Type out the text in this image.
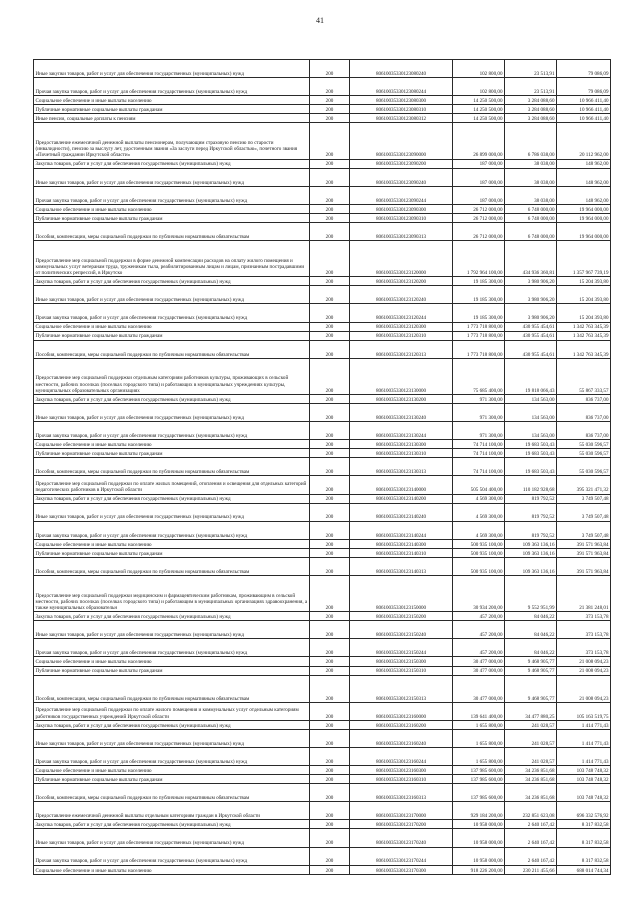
41
Иные закупки товаров, работ и услуг для обеспечения государственных (муниципальных) нужд	200	80610035330123080240	102 800,00	23 513,91	79 086,09
Прочая закупка товаров, работ и услуг для обеспечения государственных (муниципальных) нужд	200	80610035330123080244	102 800,00	23 513,91	79 086,09
Социальное обеспечение и иные выплаты населению	200	80610035330123080300	14 250 500,00	3 284 088,60	10 966 411,40
Публичные нормативные социальные выплаты гражданам	200	80610035330123080310	14 250 500,00	3 284 088,60	10 966 411,40
Иные пенсии, социальные доплаты к пенсиям	200	80610035330123080312	14 250 500,00	3 284 088,60	10 966 411,40
Предоставление ежемесячной денежной выплаты пенсионерам, получающим страховую пенсию по старости (инвалидности), пенсию за выслугу лет, удостоенным звания «За заслуги перед Иркутской областью», почетного звания «Почетный гражданин Иркутской области»	200	80610035330123090000	26 899 000,00	6 786 038,00	20 112 962,00
Закупка товаров, работ и услуг для обеспечения государственных (муниципальных) нужд	200	80610035330123090200	187 000,00	38 038,00	148 962,00
Иные закупки товаров, работ и услуг для обеспечения государственных (муниципальных) нужд	200	80610035330123090240	187 000,00	38 038,00	148 962,00
Прочая закупка товаров, работ и услуг для обеспечения государственных (муниципальных) нужд	200	80610035330123090244	187 000,00	38 038,00	148 962,00
Социальное обеспечение и иные выплаты населению	200	80610035330123090300	26 712 000,00	6 748 000,00	19 964 000,00
Публичные нормативные социальные выплаты гражданам	200	80610035330123090310	26 712 000,00	6 748 000,00	19 964 000,00
Пособия, компенсации, меры социальной поддержки по публичным нормативным обязательствам	200	80610035330123090313	26 712 000,00	6 748 000,00	19 964 000,00
Предоставление мер социальной поддержки в форме денежной компенсации расходов на оплату жилого помещения и коммунальных услуг ветеранам труда, труженикам тыла, реабилитированным лицам и лицам, признанным пострадавшими от политических репрессий, в Иркутско	200	80610035330123120000	1 792 964 100,00	434 936 360,81	1 357 967 739,19
Закупка товаров, работ и услуг для обеспечения государственных (муниципальных) нужд	200	80610035330123120200	19 185 300,00	3 980 906,20	15 204 393,80
Иные закупки товаров, работ и услуг для обеспечения государственных (муниципальных) нужд	200	80610035330123120240	19 185 300,00	3 980 906,20	15 204 393,80
Прочая закупка товаров, работ и услуг для обеспечения государственных (муниципальных) нужд	200	80610035330123120244	19 185 300,00	3 980 906,20	15 204 393,80
Социальное обеспечение и иные выплаты населению	200	80610035330123120300	1 773 718 800,00	430 955 454,61	1 342 763 345,39
Публичные нормативные социальные выплаты гражданам	200	80610035330123120310	1 773 718 800,00	430 955 454,61	1 342 763 345,39
Пособия, компенсации, меры социальной поддержки по публичным нормативным обязательствам	200	80610035330123120313	1 773 718 800,00	430 955 454,61	1 342 763 345,39
Предоставление мер социальной поддержки отдельным категориям работников культуры, проживающих в сельской местности, рабочих поселках (поселках городского типа) и работающих в муниципальных учреждениях культуры, муниципальных образовательных организациях	200	80610035330123130000	75 685 400,00	19 818 066,43	55 867 333,57
Закупка товаров, работ и услуг для обеспечения государственных (муниципальных) нужд	200	80610035330123130200	971 300,00	134 563,00	836 737,00
Иные закупки товаров, работ и услуг для обеспечения государственных (муниципальных) нужд	200	80610035330123130240	971 300,00	134 563,00	836 737,00
Прочая закупка товаров, работ и услуг для обеспечения государственных (муниципальных) нужд	200	80610035330123130244	971 300,00	134 563,00	836 737,00
Социальное обеспечение и иные выплаты населению	200	80610035330123130300	74 714 100,00	19 683 503,43	55 030 596,57
Публичные нормативные социальные выплаты гражданам	200	80610035330123130310	74 714 100,00	19 683 503,43	55 030 596,57
Пособия, компенсации, меры социальной поддержки по публичным нормативным обязательствам	200	80610035330123130313	74 714 100,00	19 683 503,43	55 030 596,57
Предоставление мер социальной поддержки по оплате жилых помещений, отопления и освещения для отдельных категорий педагогических работников в Иркутской области	200	80610035330123140000	505 504 400,00	110 182 928,68	395 321 471,32
Закупка товаров, работ и услуг для обеспечения государственных (муниципальных) нужд	200	80610035330123140200	4 569 300,00	819 792,52	3 749 507,48
Иные закупки товаров, работ и услуг для обеспечения государственных (муниципальных) нужд	200	80610035330123140240	4 569 300,00	819 792,52	3 749 507,48
Прочая закупка товаров, работ и услуг для обеспечения государственных (муниципальных) нужд	200	80610035330123140244	4 569 300,00	819 792,52	3 749 507,48
Социальное обеспечение и иные выплаты населению	200	80610035330123140300	500 935 100,00	109 363 136,16	391 571 963,84
Публичные нормативные социальные выплаты гражданам	200	80610035330123140310	500 935 100,00	109 363 136,16	391 571 963,84
Пособия, компенсации, меры социальной поддержки по публичным нормативным обязательствам	200	80610035330123140313	500 935 100,00	109 363 136,16	391 571 963,84
Предоставление мер социальной поддержки медицинским и фармацевтическим работникам, проживающим в сельской местности, рабочих поселках (поселках городского типа) и работающим в муниципальных организациях здравоохранения, а также муниципальных образовательн	200	80610035330123150000	30 934 200,00	9 552 951,99	21 381 248,01
Закупка товаров, работ и услуг для обеспечения государственных (муниципальных) нужд	200	80610035330123150200	457 200,00	84 046,22	373 153,78
Иные закупки товаров, работ и услуг для обеспечения государственных (муниципальных) нужд	200	80610035330123150240	457 200,00	84 046,22	373 153,78
Прочая закупка товаров, работ и услуг для обеспечения государственных (муниципальных) нужд	200	80610035330123150244	457 200,00	84 046,22	373 153,78
Социальное обеспечение и иные выплаты населению	200	80610035330123150300	30 477 000,00	9 468 905,77	21 008 094,23
Публичные нормативные социальные выплаты гражданам	200	80610035330123150310	30 477 000,00	9 468 905,77	21 008 094,23
Пособия, компенсации, меры социальной поддержки по публичным нормативным обязательствам	200	80610035330123150313	30 477 000,00	9 468 905,77	21 008 094,23
Предоставление мер социальной поддержки по оплате жилого помещения и коммунальных услуг отдельным категориям работников государственных учреждений Иркутской области	200	80610035330123160000	139 641 400,00	34 477 880,25	105 163 519,75
Закупка товаров, работ и услуг для обеспечения государственных (муниципальных) нужд	200	80610035330123160200	1 655 800,00	241 028,57	1 414 771,43
Иные закупки товаров, работ и услуг для обеспечения государственных (муниципальных) нужд	200	80610035330123160240	1 655 800,00	241 028,57	1 414 771,43
Прочая закупка товаров, работ и услуг для обеспечения государственных (муниципальных) нужд	200	80610035330123160244	1 655 800,00	241 028,57	1 414 771,43
Социальное обеспечение и иные выплаты населению	200	80610035330123160300	137 985 600,00	34 236 851,68	103 748 748,32
Публичные нормативные социальные выплаты гражданам	200	80610035330123160310	137 985 600,00	34 236 851,68	103 748 748,32
Пособия, компенсации, меры социальной поддержки по публичным нормативным обязательствам	200	80610035330123160313	137 985 600,00	34 236 851,68	103 748 748,32
Предоставление ежемесячной денежной выплаты отдельным категориям граждан в Иркутской области	200	80610035330123170000	929 184 200,00	232 851 623,08	696 332 576,92
Закупка товаров, работ и услуг для обеспечения государственных (муниципальных) нужд	200	80610035330123170200	10 958 000,00	2 640 167,42	8 317 832,58
Иные закупки товаров, работ и услуг для обеспечения государственных (муниципальных) нужд	200	80610035330123170240	10 958 000,00	2 640 167,42	8 317 832,58
Прочая закупка товаров, работ и услуг для обеспечения государственных (муниципальных) нужд	200	80610035330123170244	10 958 000,00	2 640 167,42	8 317 832,58
Социальное обеспечение и иные выплаты населению	200	80610035330123170300	918 226 200,00	230 211 455,66	688 014 744,34
